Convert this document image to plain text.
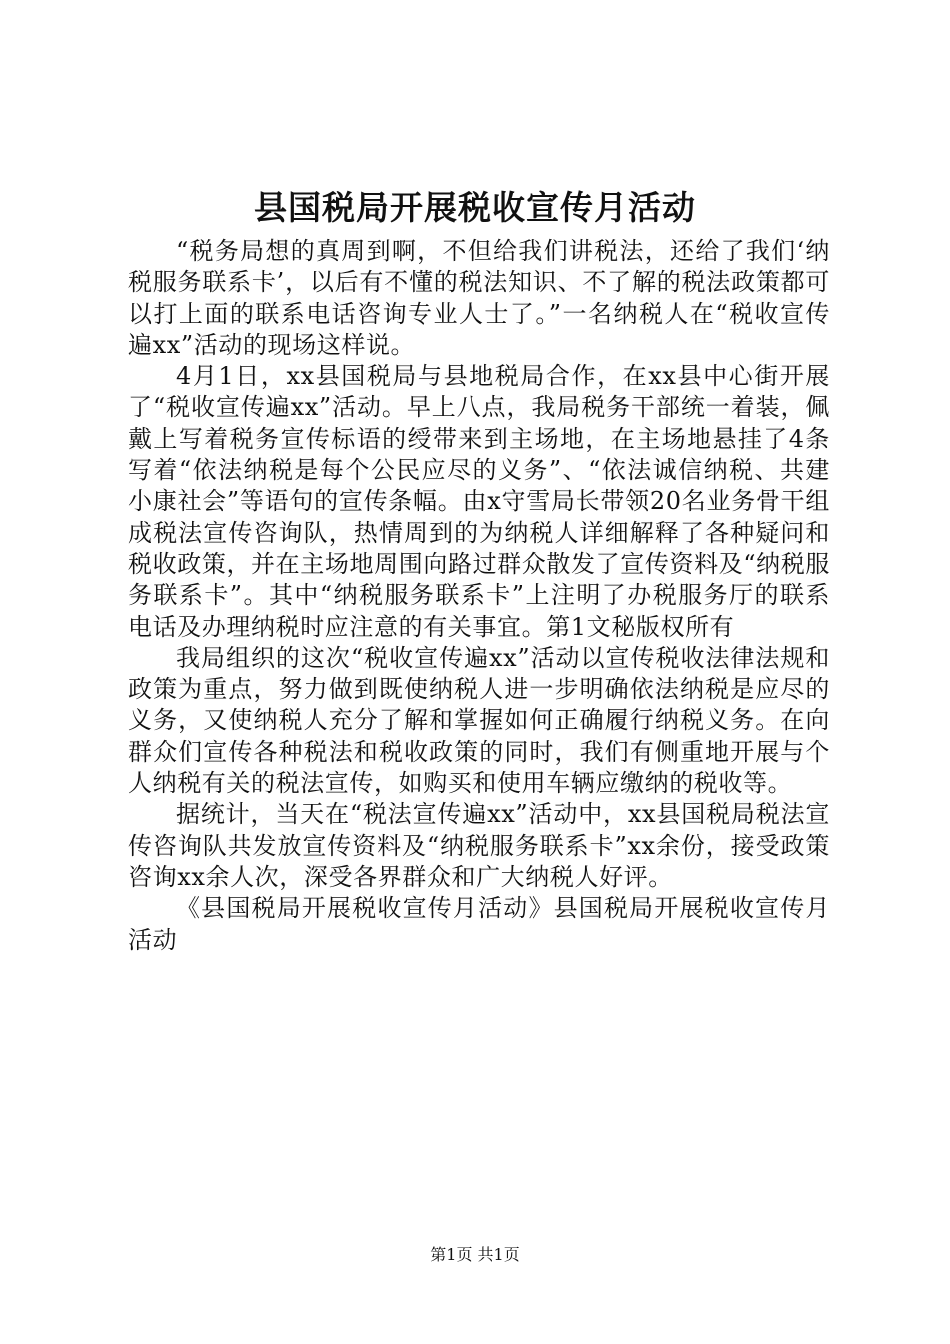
县国税局开展税收宣传月活动

“税务局想的真周到啊，不但给我们讲税法，还给了我们‘纳税服务联系卡’，以后有不懂的税法知识、不了解的税法政策都可以打上面的联系电话咨询专业人士了。”一名纳税人在“税收宣传遍xx”活动的现场这样说。

4月1日，xx县国税局与县地税局合作，在xx县中心街开展了“税收宣传遍xx”活动。早上八点，我局税务干部统一着装，佩戴上写着税务宣传标语的绶带来到主场地，在主场地悬挂了4条写着“依法纳税是每个公民应尽的义务”、“依法诚信纳税、共建小康社会”等语句的宣传条幅。由x守雪局长带领20名业务骨干组成税法宣传咨询队，热情周到的为纳税人详细解释了各种疑问和税收政策，并在主场地周围向路过群众散发了宣传资料及“纳税服务联系卡”。其中“纳税服务联系卡”上注明了办税服务厅的联系电话及办理纳税时应注意的有关事宜。第1文秘版权所有

我局组织的这次“税收宣传遍xx”活动以宣传税收法律法规和政策为重点，努力做到既使纳税人进一步明确依法纳税是应尽的义务，又使纳税人充分了解和掌握如何正确履行纳税义务。在向群众们宣传各种税法和税收政策的同时，我们有侧重地开展与个人纳税有关的税法宣传，如购买和使用车辆应缴纳的税收等。

据统计，当天在“税法宣传遍xx”活动中，xx县国税局税法宣传咨询队共发放宣传资料及“纳税服务联系卡”xx余份，接受政策咨询xx余人次，深受各界群众和广大纳税人好评。

《县国税局开展税收宣传月活动》县国税局开展税收宣传月活动

第1页 共1页
